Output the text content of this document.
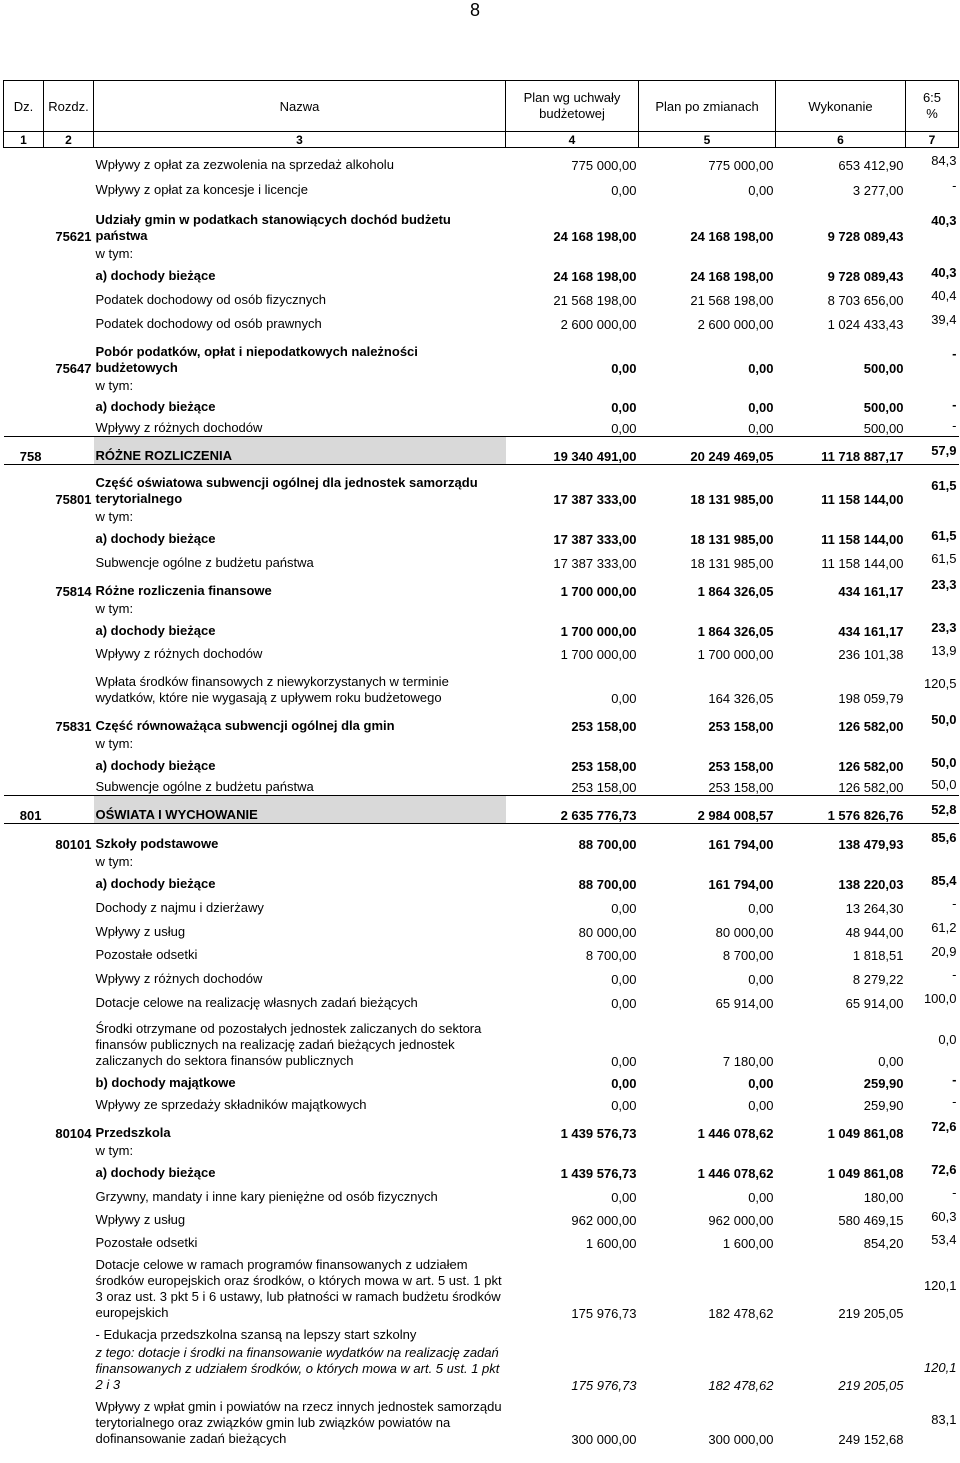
8
Dz.	Rozdz.	Nazwa	Plan wg uchwały budżetowej	Plan po zmianach	Wykonanie	6:5
%
1	2	3	4	5	6	7
		Wpływy z opłat za zezwolenia na sprzedaż alkoholu	775 000,00	775 000,00	653 412,90	84,3
		Wpływy z opłat za koncesje i licencje	0,00	0,00	3 277,00	-
	75621	Udziały gmin w podatkach stanowiących dochód budżetu państwa	24 168 198,00	24 168 198,00	9 728 089,43	40,3
		w tym:				
		a) dochody bieżące	24 168 198,00	24 168 198,00	9 728 089,43	40,3
		Podatek dochodowy od osób fizycznych	21 568 198,00	21 568 198,00	8 703 656,00	40,4
		Podatek dochodowy od osób prawnych	2 600 000,00	2 600 000,00	1 024 433,43	39,4
	75647	Pobór podatków, opłat i niepodatkowych należności budżetowych	0,00	0,00	500,00	-
		w tym:				
		a) dochody bieżące	0,00	0,00	500,00	-
		Wpływy z różnych dochodów	0,00	0,00	500,00	-
758		RÓŻNE ROZLICZENIA	19 340 491,00	20 249 469,05	11 718 887,17	57,9
	75801	Część oświatowa subwencji ogólnej dla jednostek samorządu terytorialnego	17 387 333,00	18 131 985,00	11 158 144,00	61,5
		w tym:				
		a) dochody bieżące	17 387 333,00	18 131 985,00	11 158 144,00	61,5
		Subwencje ogólne z budżetu państwa	17 387 333,00	18 131 985,00	11 158 144,00	61,5
	75814	Różne rozliczenia finansowe	1 700 000,00	1 864 326,05	434 161,17	23,3
		w tym:				
		a) dochody bieżące	1 700 000,00	1 864 326,05	434 161,17	23,3
		Wpływy z różnych dochodów	1 700 000,00	1 700 000,00	236 101,38	13,9
		Wpłata środków finansowych z niewykorzystanych w terminie wydatków, które nie wygasają z upływem roku budżetowego	0,00	164 326,05	198 059,79	120,5
	75831	Część równoważąca subwencji ogólnej dla gmin	253 158,00	253 158,00	126 582,00	50,0
		w tym:				
		a) dochody bieżące	253 158,00	253 158,00	126 582,00	50,0
		Subwencje ogólne z budżetu państwa	253 158,00	253 158,00	126 582,00	50,0
801		OŚWIATA I WYCHOWANIE	2 635 776,73	2 984 008,57	1 576 826,76	52,8
	80101	Szkoły podstawowe	88 700,00	161 794,00	138 479,93	85,6
		w tym:				
		a) dochody bieżące	88 700,00	161 794,00	138 220,03	85,4
		Dochody z najmu i dzierżawy	0,00	0,00	13 264,30	-
		Wpływy z usług	80 000,00	80 000,00	48 944,00	61,2
		Pozostałe odsetki	8 700,00	8 700,00	1 818,51	20,9
		Wpływy z różnych dochodów	0,00	0,00	8 279,22	-
		Dotacje celowe na realizację własnych zadań bieżących	0,00	65 914,00	65 914,00	100,0
		Środki otrzymane od pozostałych jednostek zaliczanych do sektora finansów publicznych na realizację zadań bieżących jednostek zaliczanych do sektora finansów publicznych	0,00	7 180,00	0,00	0,0
		b) dochody majątkowe	0,00	0,00	259,90	-
		Wpływy ze sprzedaży składników majątkowych	0,00	0,00	259,90	-
	80104	Przedszkola	1 439 576,73	1 446 078,62	1 049 861,08	72,6
		w tym:				
		a) dochody bieżące	1 439 576,73	1 446 078,62	1 049 861,08	72,6
		Grzywny, mandaty i inne kary pieniężne od osób fizycznych	0,00	0,00	180,00	-
		Wpływy z usług	962 000,00	962 000,00	580 469,15	60,3
		Pozostałe odsetki	1 600,00	1 600,00	854,20	53,4
		Dotacje celowe w ramach programów finansowanych z udziałem środków europejskich oraz środków, o których mowa w art. 5 ust. 1 pkt 3 oraz ust. 3 pkt 5 i 6 ustawy, lub płatności w ramach budżetu środków europejskich	175 976,73	182 478,62	219 205,05	120,1
		- Edukacja przedszkolna szansą na lepszy start szkolny				
		z tego: dotacje i środki na finansowanie wydatków na realizację zadań finansowanych z udziałem środków, o których mowa w art. 5 ust. 1 pkt 2 i 3	175 976,73	182 478,62	219 205,05	120,1
		Wpływy z wpłat gmin i powiatów na rzecz innych jednostek samorządu terytorialnego oraz związków gmin lub związków powiatów na dofinansowanie zadań bieżących	300 000,00	300 000,00	249 152,68	83,1
